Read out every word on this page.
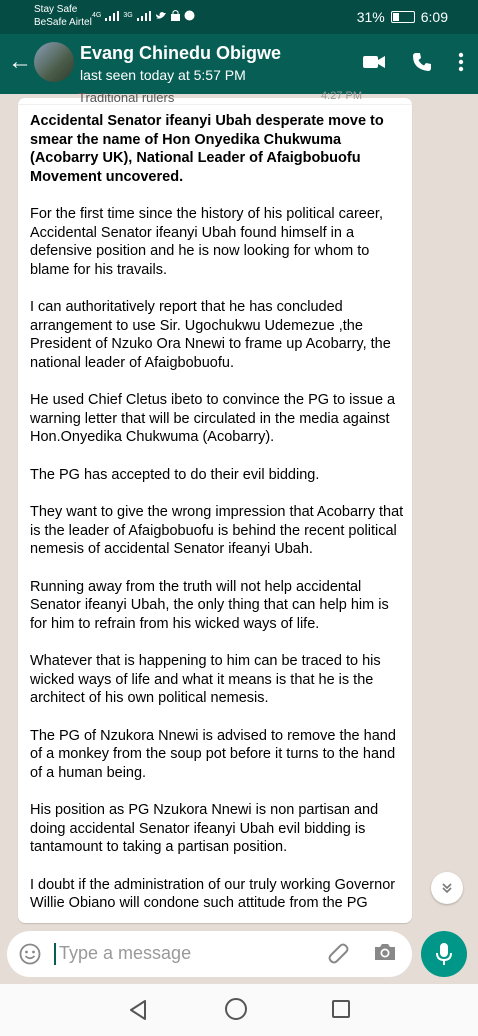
Stay Safe
BeSafe Airtel
4G	3G	31%	6:09
←	Evang Chinedu Obigwe
last seen today at 5:57 PM
Traditional rulers	4:27 PM

Accidental Senator ifeanyi Ubah desperate move to smear the name of Hon Onyedika Chukwuma (Acobarry UK), National Leader of Afaigbobuofu Movement uncovered.

For the first time since the history of his political career, Accidental Senator ifeanyi Ubah found himself in a defensive position and he is now looking for whom to blame for his travails.

I can authoritatively report that he has concluded arrangement to use Sir. Ugochukwu Udemezue ,the President of Nzuko Ora Nnewi to frame up Acobarry, the national leader of Afaigbobuofu.

He used Chief Cletus ibeto to convince the PG to issue a warning letter that will be circulated in the media against Hon.Onyedika Chukwuma (Acobarry).

The PG has accepted to do their evil bidding.

They want to give the wrong impression that Acobarry that is the leader of Afaigbobuofu is behind the recent political nemesis of accidental Senator ifeanyi Ubah.

Running away from the truth will not help accidental Senator ifeanyi Ubah, the only thing that can help him is for him to refrain from his wicked ways of life.

Whatever that is happening to him can be traced to his wicked ways of life and what it means is that he is the architect of his own political nemesis.

The PG of Nzukora Nnewi is advised to remove the hand of a monkey from the soup pot before it turns to the hand of a human being.

His position as PG Nzukora Nnewi is non partisan and doing accidental Senator ifeanyi Ubah evil bidding is tantamount to taking a partisan position.

I doubt if the administration of our truly working Governor Willie Obiano will condone such attitude from the PG

Type a message
